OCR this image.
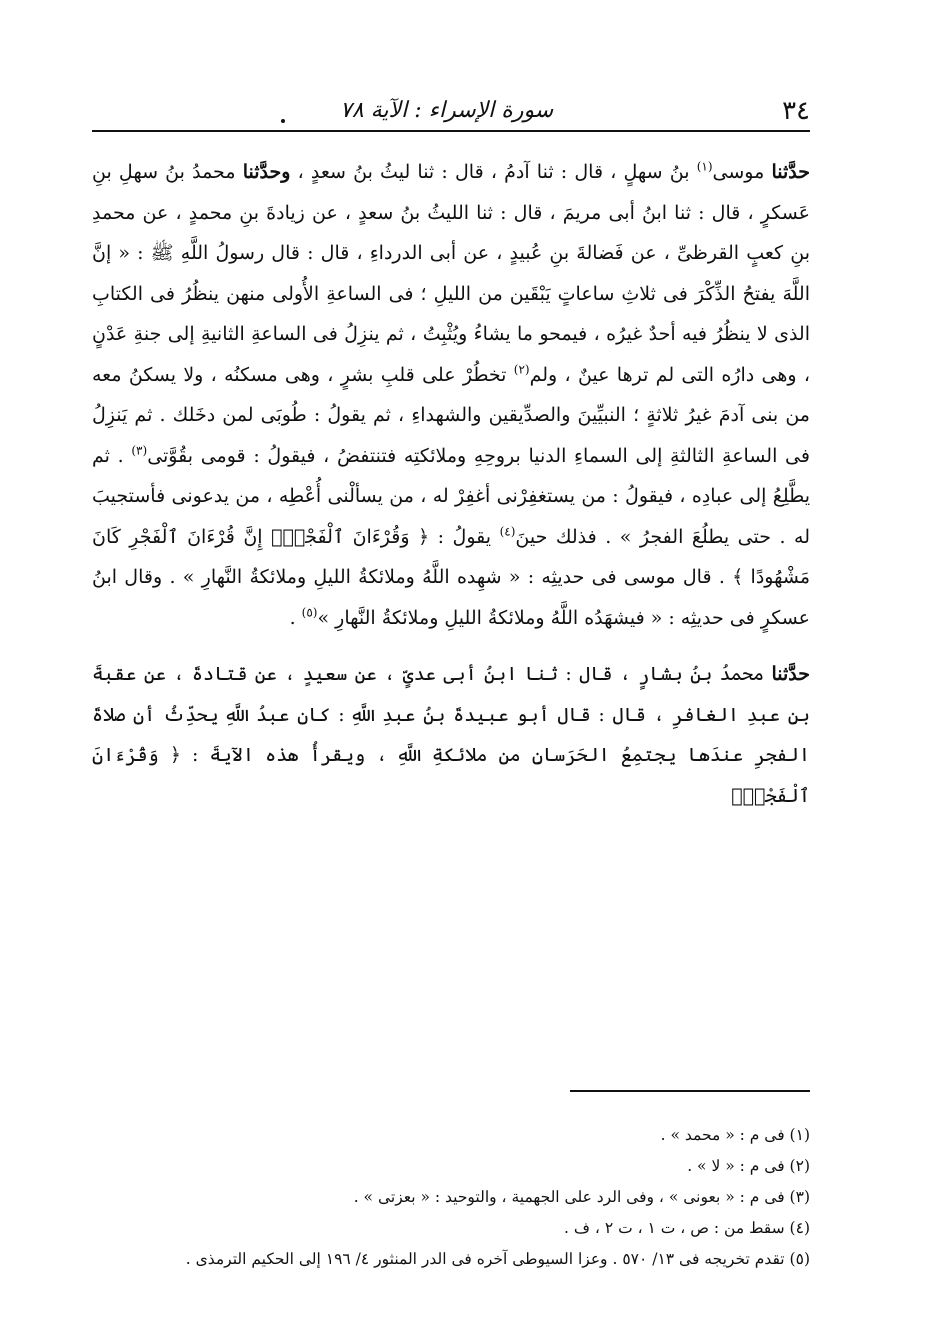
٣٤
سورة الإسراء : الآية ٧٨

حدَّثنا موسى$^{(١)}$ بنُ سهلٍ ، قال : ثنا آدمُ ، قال : ثنا ليثُ بنُ سعدٍ ، وحدَّثنا محمدُ بنُ سهلِ بنِ عَسكرٍ ، قال : ثنا ابنُ أبى مريمَ ، قال : ثنا الليثُ بنُ سعدٍ ، عن زيادةَ بنِ محمدٍ ، عن محمدِ بنِ كعبٍ القرظىِّ ، عن فَضالةَ بنِ عُبيدٍ ، عن أبى الدرداءِ ، قال : قال رسولُ اللَّهِ ﷺ : « إنَّ اللَّهَ يفتحُ الذِّكْرَ فى ثلاثِ ساعاتٍ يَبْقَين من الليلِ ؛ فى الساعةِ الأُولى منهن ينظُرُ فى الكتابِ الذى لا ينظُرُ فيه أحدٌ غيرُه ، فيمحو ما يشاءُ ويُثْبِتُ ، ثم ينزِلُ فى الساعةِ الثانيةِ إلى جنةِ عَدْنٍ ، وهى دارُه التى لم ترها عينٌ ، ولم$^{(٢)}$ تخطُرْ على قلبِ بشرٍ ، وهى مسكنُه ، ولا يسكنُ معه من بنى آدمَ غيرُ ثلاثةٍ ؛ النبيِّينَ والصدِّيقين والشهداءِ ، ثم يقولُ : طُوبَى لمن دخَلك . ثم يَنزِلُ فى الساعةِ الثالثةِ إلى السماءِ الدنيا بروحِهِ وملائكتِه فتنتفضُ ، فيقولُ : قومى بقُوَّتى$^{(٣)}$ . ثم يطَّلِعُ إلى عبادِه ، فيقولُ : من يستغفِرْنى أغفِرْ له ، من يسألْنى أُعْطِه ، من يدعونى فأستجيبَ له . حتى يطلُعَ الفجرُ » . فذلك حينَ$^{(٤)}$ يقولُ : ﴿ وَقُرْءَانَ ٱلْفَجْرِۖ إِنَّ قُرْءَانَ ٱلْفَجْرِ كَانَ مَشْهُودًا ﴾ . قال موسى فى حديثِه : « شهِده اللَّهُ وملائكةُ الليلِ وملائكةُ النَّهارِ » . وقال ابنُ عسكرٍ فى حديثِه : « فيشهَدُه اللَّهُ وملائكةُ الليلِ وملائكةُ النَّهارِ »$^{(٥)}$ .

حدَّثنا محمدُ بنُ بشارٍ ، قال : ثنا ابنُ أبى عدىٍّ ، عن سعيدٍ ، عن قتادةَ ، عن عقبةَ بنِ عبدِ الغافرِ ، قال : قال أبو عبيدةَ بنُ عبدِ اللَّهِ : كان عبدُ اللَّهِ يحدِّثُ أن صلاةَ الفجرِ عندَها يجتمِعُ الحَرَسانِ من ملائكةِ اللَّهِ ، ويقرأُ هذه الآيةَ : ﴿ وَقُرْءَانَ ٱلْفَجْرِۖ

(١) فى م : « محمد » .

(٢) فى م : « لا » .

(٣) فى م : « بعونى » ، وفى الرد على الجهمية ، والتوحيد : « بعزتى » .

(٤) سقط من : ص ، ت ١ ، ت ٢ ، ف .

(٥) تقدم تخريجه فى ١٣/ ٥٧٠ . وعزا السيوطى آخره فى الدر المنثور ٤/ ١٩٦ إلى الحكيم الترمذى .
